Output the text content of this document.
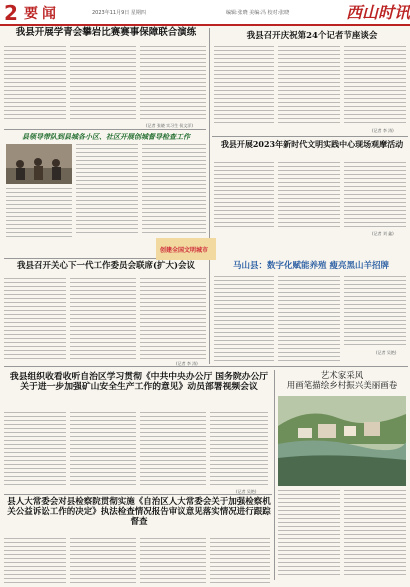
2 要闻	2023年11月9日 星期四	编辑:张晓 美编:冯 校对:张晓	西山时讯
我县开展学青会攀岩比赛赛事保障联合演练
(记者 张晓 实习生 侯文洋)
我县召开庆祝第24个记者节座谈会
(记者 李 涛)
县领导带队到县城各小区、社区开展创城督导检查工作
我县开展2023年新时代文明实践中心现场观摩活动
(记者 刘 鑫)
创建全国文明城市
我县召开关心下一代工作委员会联席(扩大)会议
(记者 李 涛)
马山县：数字化赋能养殖 瘦亮黑山羊招牌
(记者 吴艳)
我县组织收看收听自治区学习贯彻《中共中央办公厅 国务院办公厅关于进一步加强矿山安全生产工作的意见》动员部署视频会议
(记者 吴艳)
艺术家采风
用画笔描绘乡村振兴美丽画卷
县人大常委会对县检察院贯彻实施《自治区人大常委会关于加强检察机关公益诉讼工作的决定》执法检查情况报告审议意见落实情况进行跟踪督查
